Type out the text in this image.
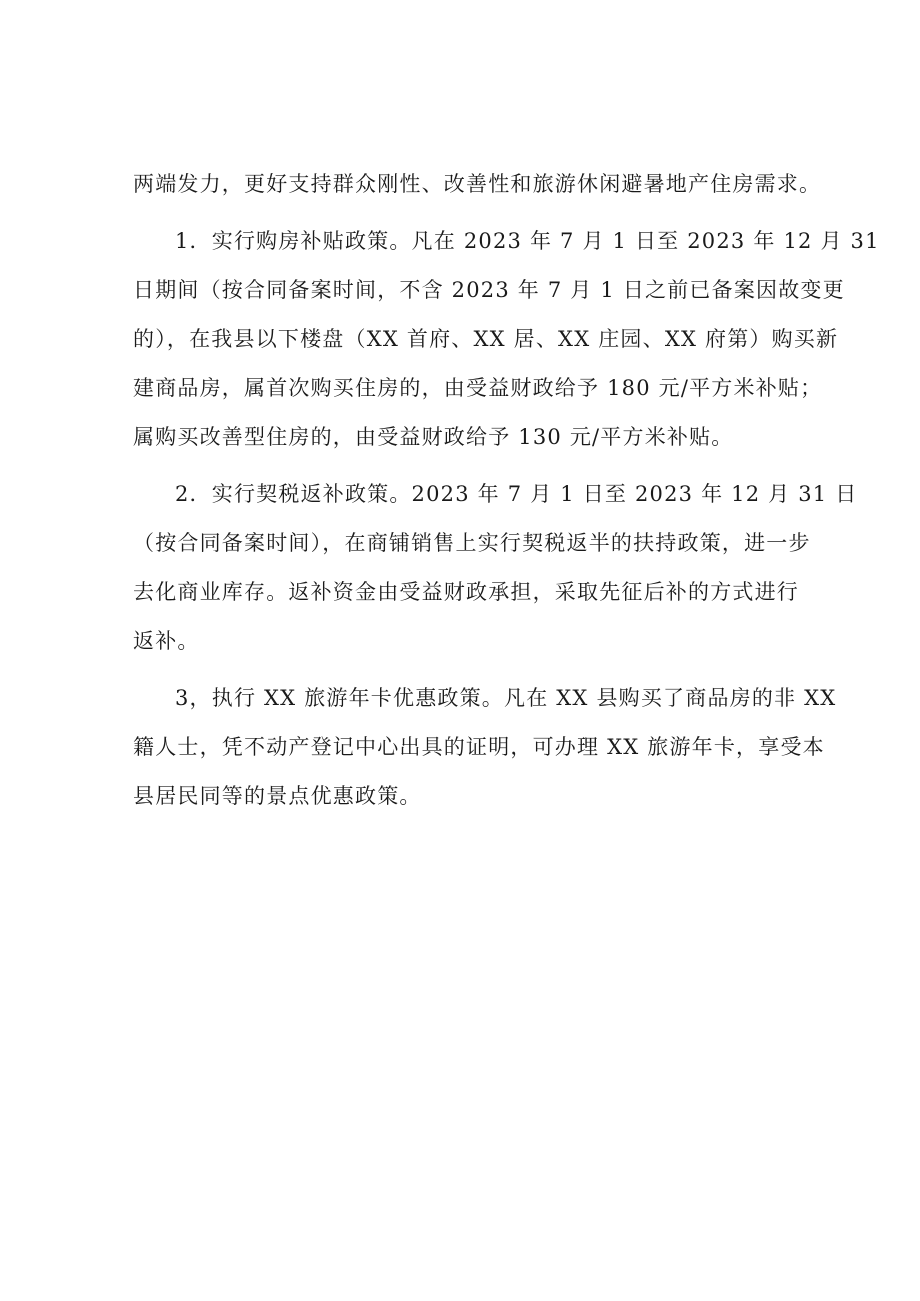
两端发力，更好支持群众刚性、改善性和旅游休闲避暑地产住房需求。
1．实行购房补贴政策。凡在 2023 年 7 月 1 日至 2023 年 12 月 31
日期间（按合同备案时间，不含 2023 年 7 月 1 日之前已备案因故变更
的），在我县以下楼盘（XX 首府、XX 居、XX 庄园、XX 府第）购买新
建商品房，属首次购买住房的，由受益财政给予 180 元/平方米补贴；
属购买改善型住房的，由受益财政给予 130 元/平方米补贴。
2．实行契税返补政策。2023 年 7 月 1 日至 2023 年 12 月 31 日
（按合同备案时间），在商铺销售上实行契税返半的扶持政策，进一步
去化商业库存。返补资金由受益财政承担，采取先征后补的方式进行
返补。
3，执行 XX 旅游年卡优惠政策。凡在 XX 县购买了商品房的非 XX
籍人士，凭不动产登记中心出具的证明，可办理 XX 旅游年卡，享受本
县居民同等的景点优惠政策。
